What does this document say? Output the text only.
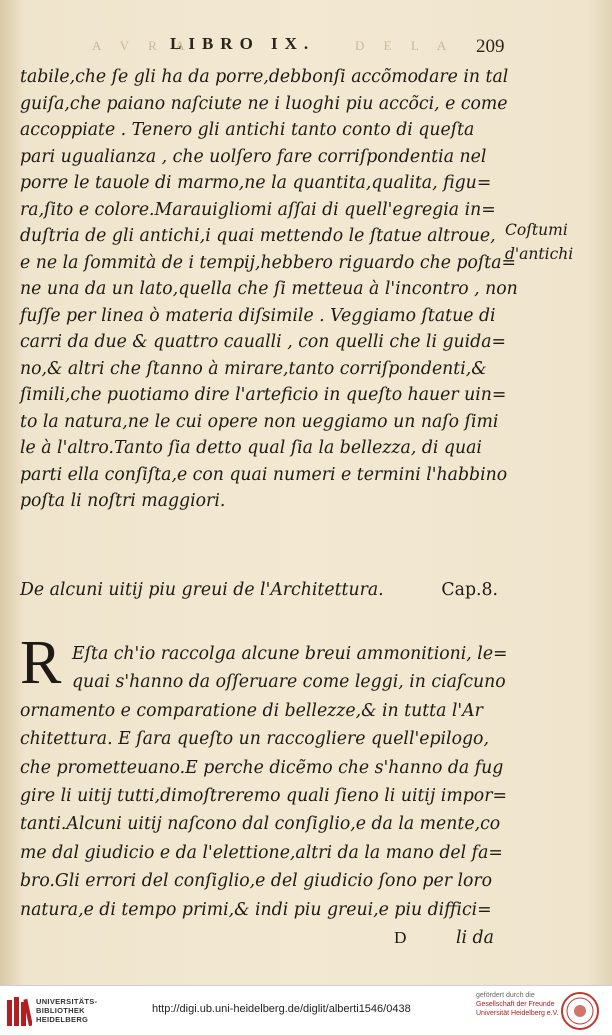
A V R A	D E L A
LIBRO IX.	209
tabile,che ſe gli ha da porre,debbonſi accõmodare in tal
guiſa,che paiano naſciute ne i luoghi piu accõci, e come
accoppiate . Tenero gli antichi tanto conto di queſta
pari ugualianza , che uolſero fare corriſpondentia nel
porre le tauole di marmo,ne la quantita,qualita, figu=
ra,ſito e colore.Marauigliomi aſſai di quell'egregia in=
duſtria de gli antichi,i quai mettendo le ſtatue altroue,
e ne la ſommità de i tempij,hebbero riguardo che poſta=
ne una da un lato,quella che ſi metteua à l'incontro , non
fuſſe per linea ò materia diſsimile . Veggiamo ſtatue di
carri da due & quattro caualli , con quelli che li guida=
no,& altri che ſtanno à mirare,tanto corriſpondenti,&
ſimili,che puotiamo dire l'arteficio in queſto hauer uin=
to la natura,ne le cui opere non ueggiamo un naſo ſimi
le à l'altro.Tanto ſia detto qual ſia la bellezza, di quai
parti ella conſiſta,e con quai numeri e termini l'habbino
poſta li noſtri maggiori.
Coſtumi
d'antichi
De alcuni uitij piu greui de l'Architettura.	Cap.8.
R Eſta ch'io raccolga alcune breui ammonitioni, le=
quai s'hanno da oſſeruare come leggi, in ciaſcuno
ornamento e comparatione di bellezze,& in tutta l'Ar
chitettura. E ſara queſto un raccogliere quell'epilogo,
che prometteuano.E perche dicẽmo che s'hanno da fug
gire li uitij tutti,dimoſtreremo quali ſieno li uitij impor=
tanti.Alcuni uitij naſcono dal conſiglio,e da la mente,co
me dal giudicio e da l'elettione,altri da la mano del fa=
bro.Gli errori del conſiglio,e del giudicio ſono per loro
natura,e di tempo primi,& indi piu greui,e piu diffici=
D	li da
UNIVERSITÄTS-
BIBLIOTHEK
HEIDELBERG
http://digi.ub.uni-heidelberg.de/diglit/alberti1546/0438
gefördert durch die
Gesellschaft der Freunde
Universität Heidelberg e.V.
